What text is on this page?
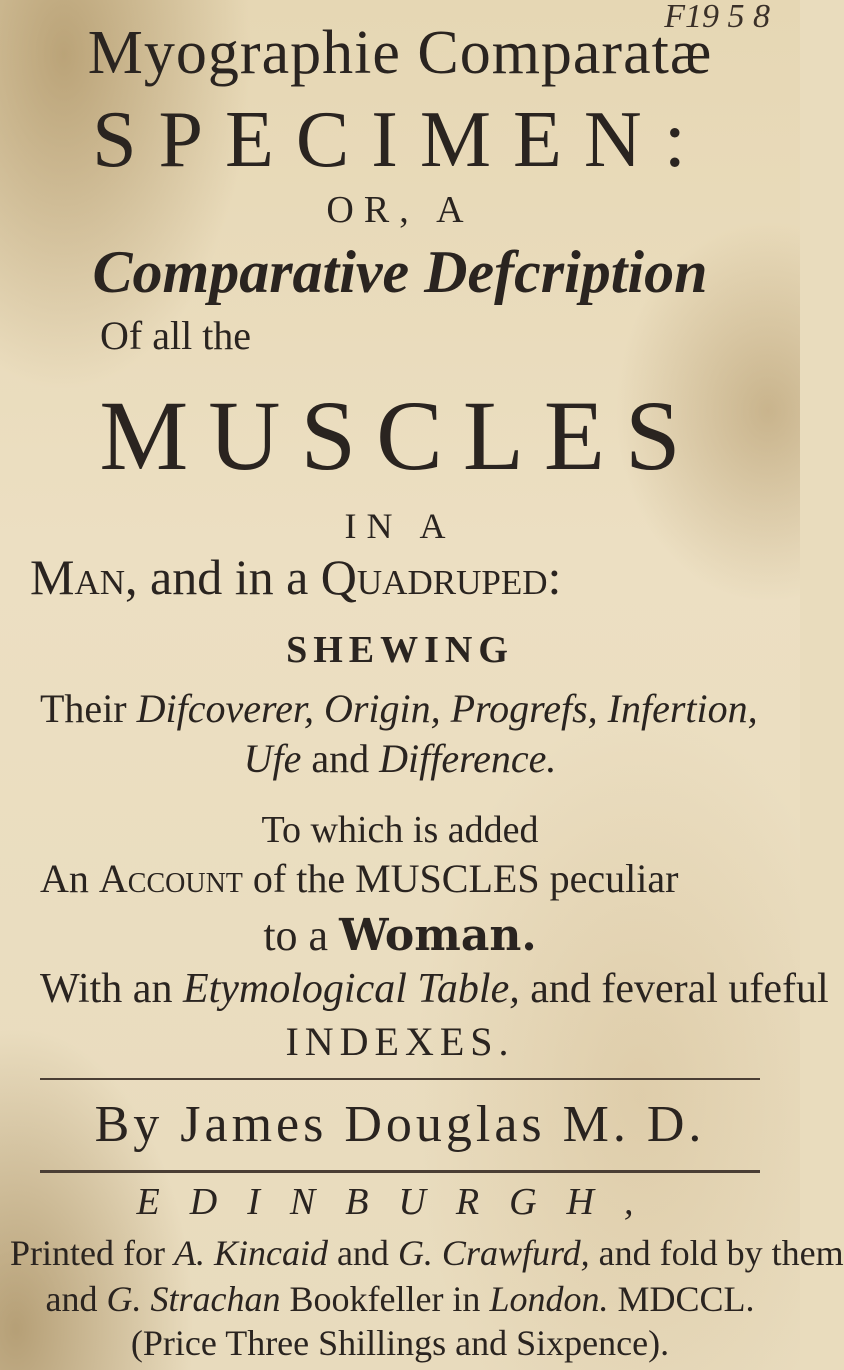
F19 5 8
Myographie Comparatæ
SPECIMEN:
OR, A
Comparative Defcription
Of all the
MUSCLES
IN A
Man, and in a Quadruped:
SHEWING
Their Difcoverer, Origin, Progrefs, Infertion,
Ufe and Difference.
To which is added
An Account of the MUSCLES peculiar
to a Woman.
With an Etymological Table, and feveral ufeful
INDEXES.
By James Douglas M. D.
EDINBURGH,
Printed for A. Kincaid and G. Crawfurd, and fold by them
and G. Strachan Bookfeller in London. MDCCL.
(Price Three Shillings and Sixpence).
